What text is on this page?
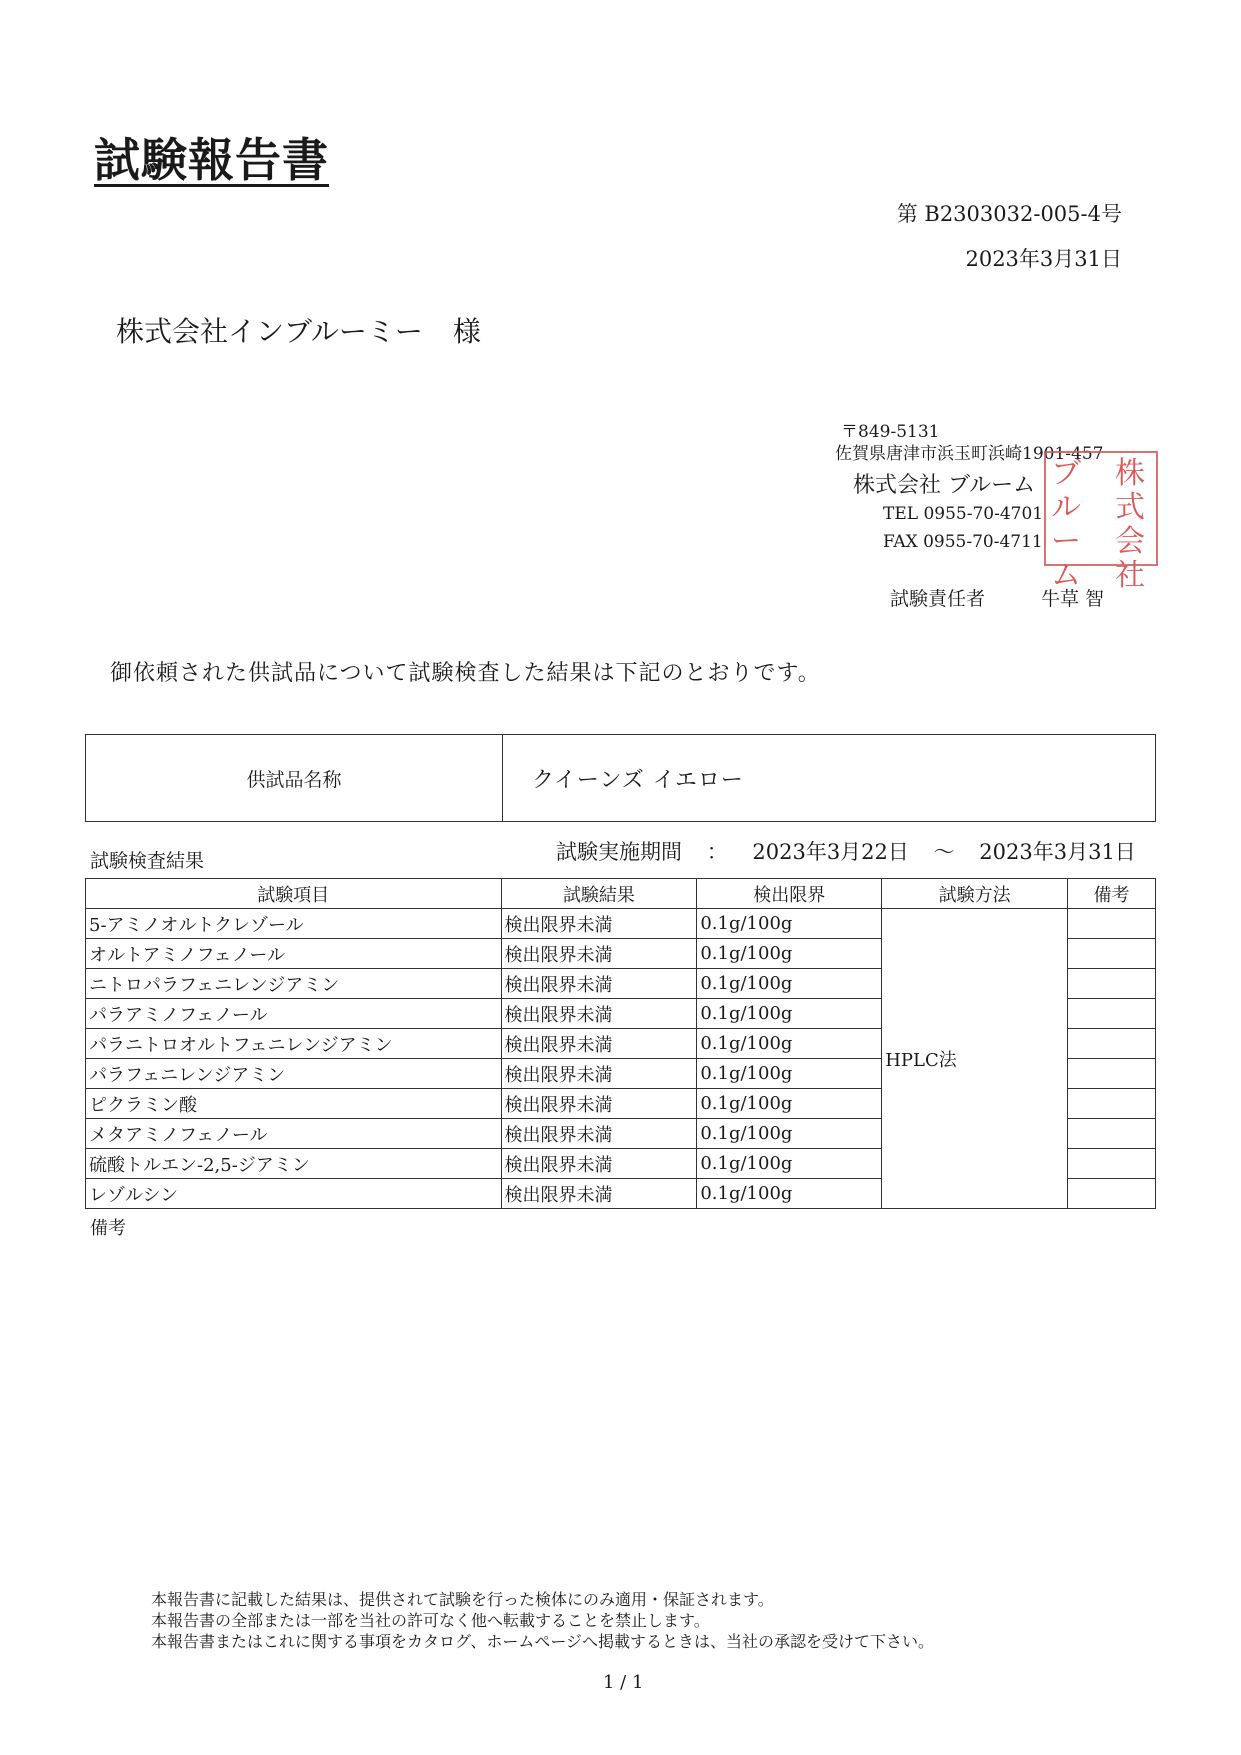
試験報告書
第 B2303032-005-4号
2023年3月31日
株式会社インブルーミー 様
〒849-5131
佐賀県唐津市浜玉町浜崎1901-457
株式会社 ブルーム
TEL 0955-70-4701
FAX 0955-70-4711
株式会社
ブルーム
試験責任者	牛草 智
御依頼された供試品について試験検査した結果は下記のとおりです。
供試品名称	クイーンズ イエロー
試験検査結果	試験実施期間 ： 2023年3月22日 ～ 2023年3月31日
試験項目	試験結果	検出限界	試験方法	備考
5-アミノオルトクレゾール	検出限界未満	0.1g/100g	HPLC法	
オルトアミノフェノール	検出限界未満	0.1g/100g		
ニトロパラフェニレンジアミン	検出限界未満	0.1g/100g		
パラアミノフェノール	検出限界未満	0.1g/100g		
パラニトロオルトフェニレンジアミン	検出限界未満	0.1g/100g		
パラフェニレンジアミン	検出限界未満	0.1g/100g		
ピクラミン酸	検出限界未満	0.1g/100g		
メタアミノフェノール	検出限界未満	0.1g/100g		
硫酸トルエン-2,5-ジアミン	検出限界未満	0.1g/100g		
レゾルシン	検出限界未満	0.1g/100g		
備考
本報告書に記載した結果は、提供されて試験を行った検体にのみ適用・保証されます。
本報告書の全部または一部を当社の許可なく他へ転載することを禁止します。
本報告書またはこれに関する事項をカタログ、ホームページへ掲載するときは、当社の承認を受けて下さい。
1 / 1
